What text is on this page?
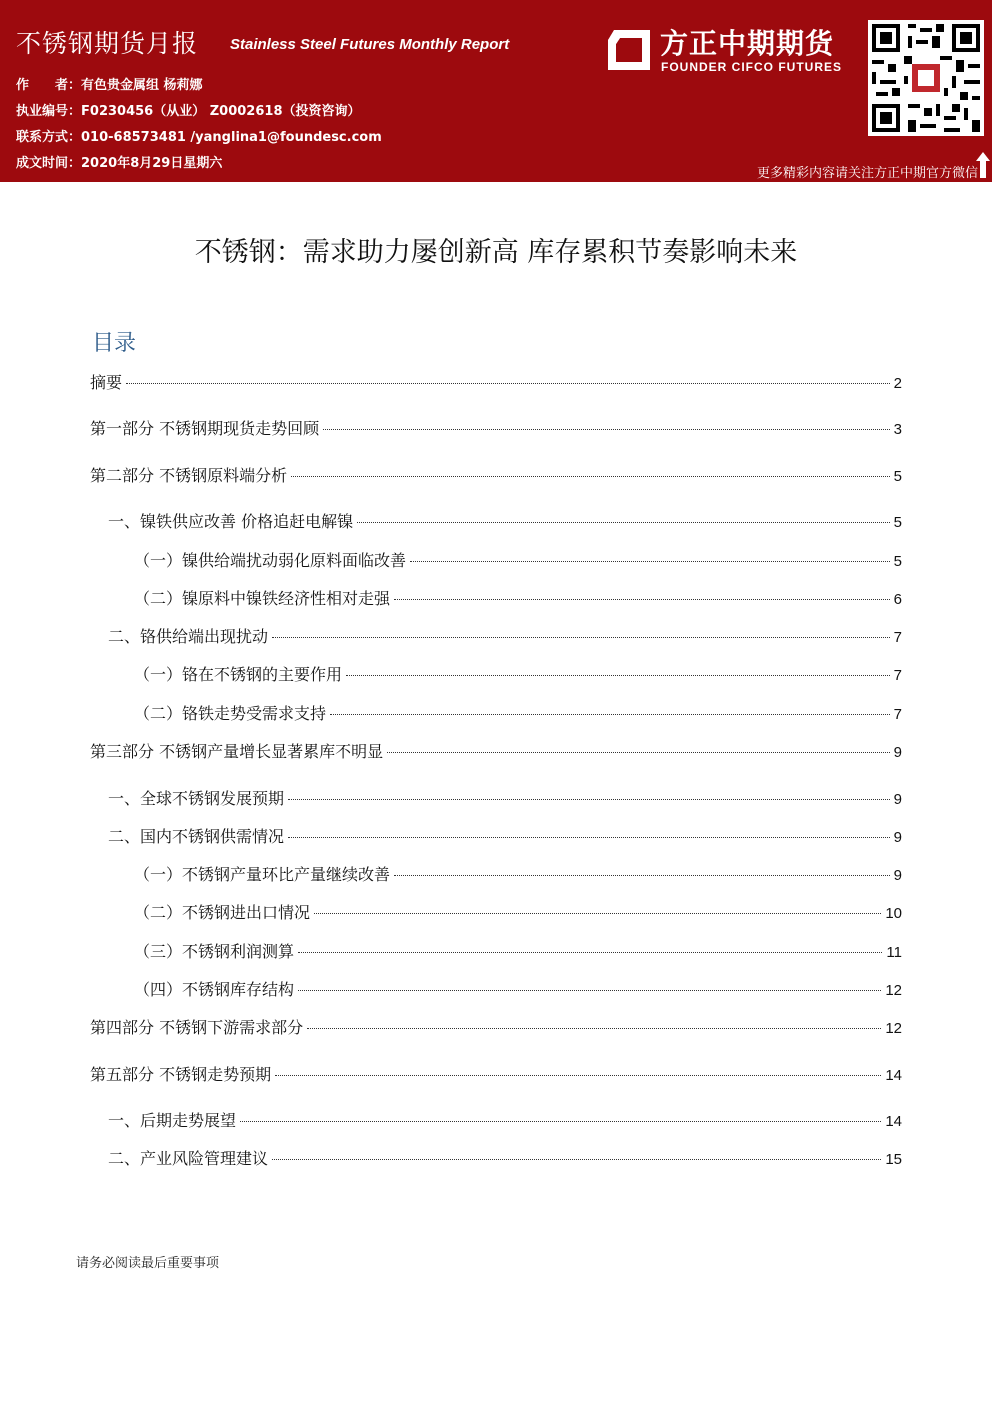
不锈钢期货月报 Stainless Steel Futures Monthly Report
作　　者：有色贵金属组 杨莉娜
执业编号：F0230456（从业） Z0002618（投资咨询）
联系方式：010-68573481 /yanglina1@foundesc.com
成文时间：2020年8月29日星期六
方正中期期货
FOUNDER CIFCO FUTURES
更多精彩内容请关注方正中期官方微信
不锈钢：需求助力屡创新高 库存累积节奏影响未来
目录
摘要	2
第一部分 不锈钢期现货走势回顾	3
第二部分 不锈钢原料端分析	5
一、镍铁供应改善 价格追赶电解镍	5
（一）镍供给端扰动弱化原料面临改善	5
（二）镍原料中镍铁经济性相对走强	6
二、铬供给端出现扰动	7
（一）铬在不锈钢的主要作用	7
（二）铬铁走势受需求支持	7
第三部分 不锈钢产量增长显著累库不明显	9
一、全球不锈钢发展预期	9
二、国内不锈钢供需情况	9
（一）不锈钢产量环比产量继续改善	9
（二）不锈钢进出口情况	10
（三）不锈钢利润测算	11
（四）不锈钢库存结构	12
第四部分 不锈钢下游需求部分	12
第五部分 不锈钢走势预期	14
一、后期走势展望	14
二、产业风险管理建议	15
请务必阅读最后重要事项
